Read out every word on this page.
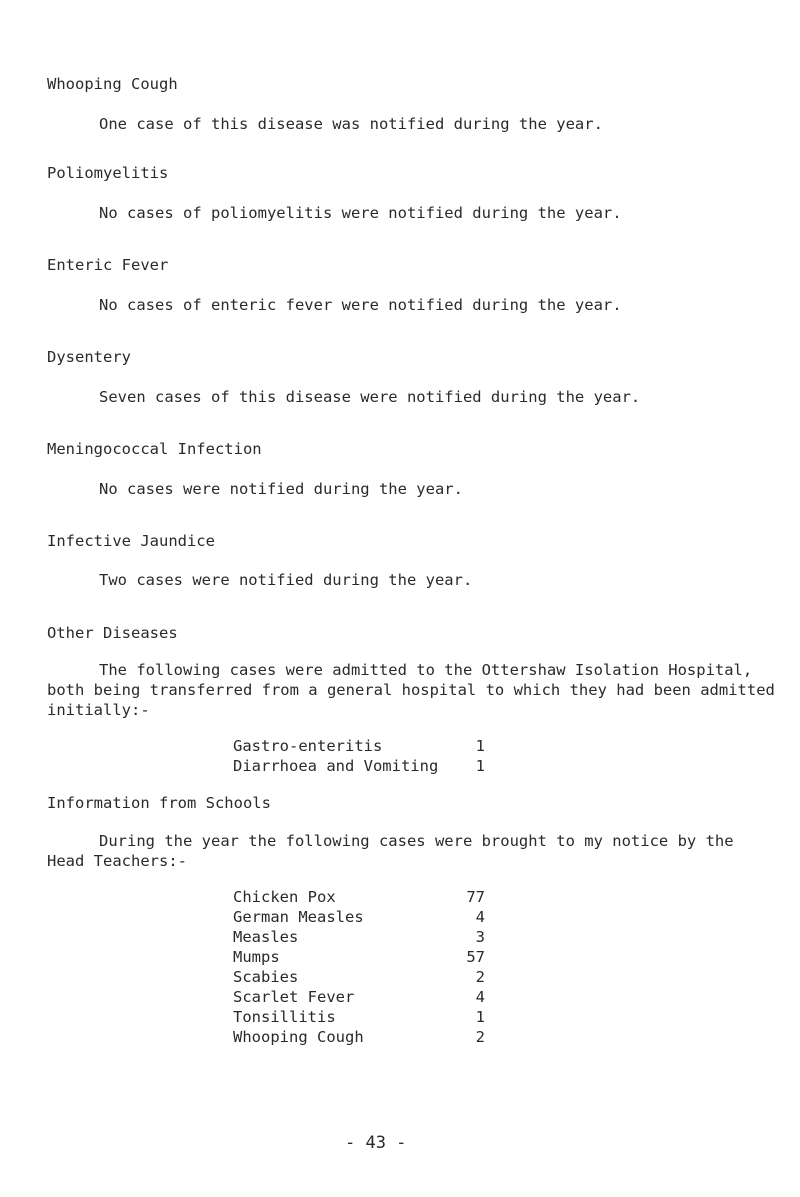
Whooping Cough
One case of this disease was notified during the year.
Poliomyelitis
No cases of poliomyelitis were notified during the year.
Enteric Fever
No cases of enteric fever were notified during the year.
Dysentery
Seven cases of this disease were notified during the year.
Meningococcal Infection
No cases were notified during the year.
Infective Jaundice
Two cases were notified during the year.
Other Diseases
The following cases were admitted to the Ottershaw Isolation Hospital,
both being transferred from a general hospital to which they had been admitted
initially:-
Gastro-enteritis	1
Diarrhoea and Vomiting	1
Information from Schools
During the year the following cases were brought to my notice by the
Head Teachers:-
Chicken Pox	77
German Measles	4
Measles	3
Mumps	57
Scabies	2
Scarlet Fever	4
Tonsillitis	1
Whooping Cough	2
- 43 -
